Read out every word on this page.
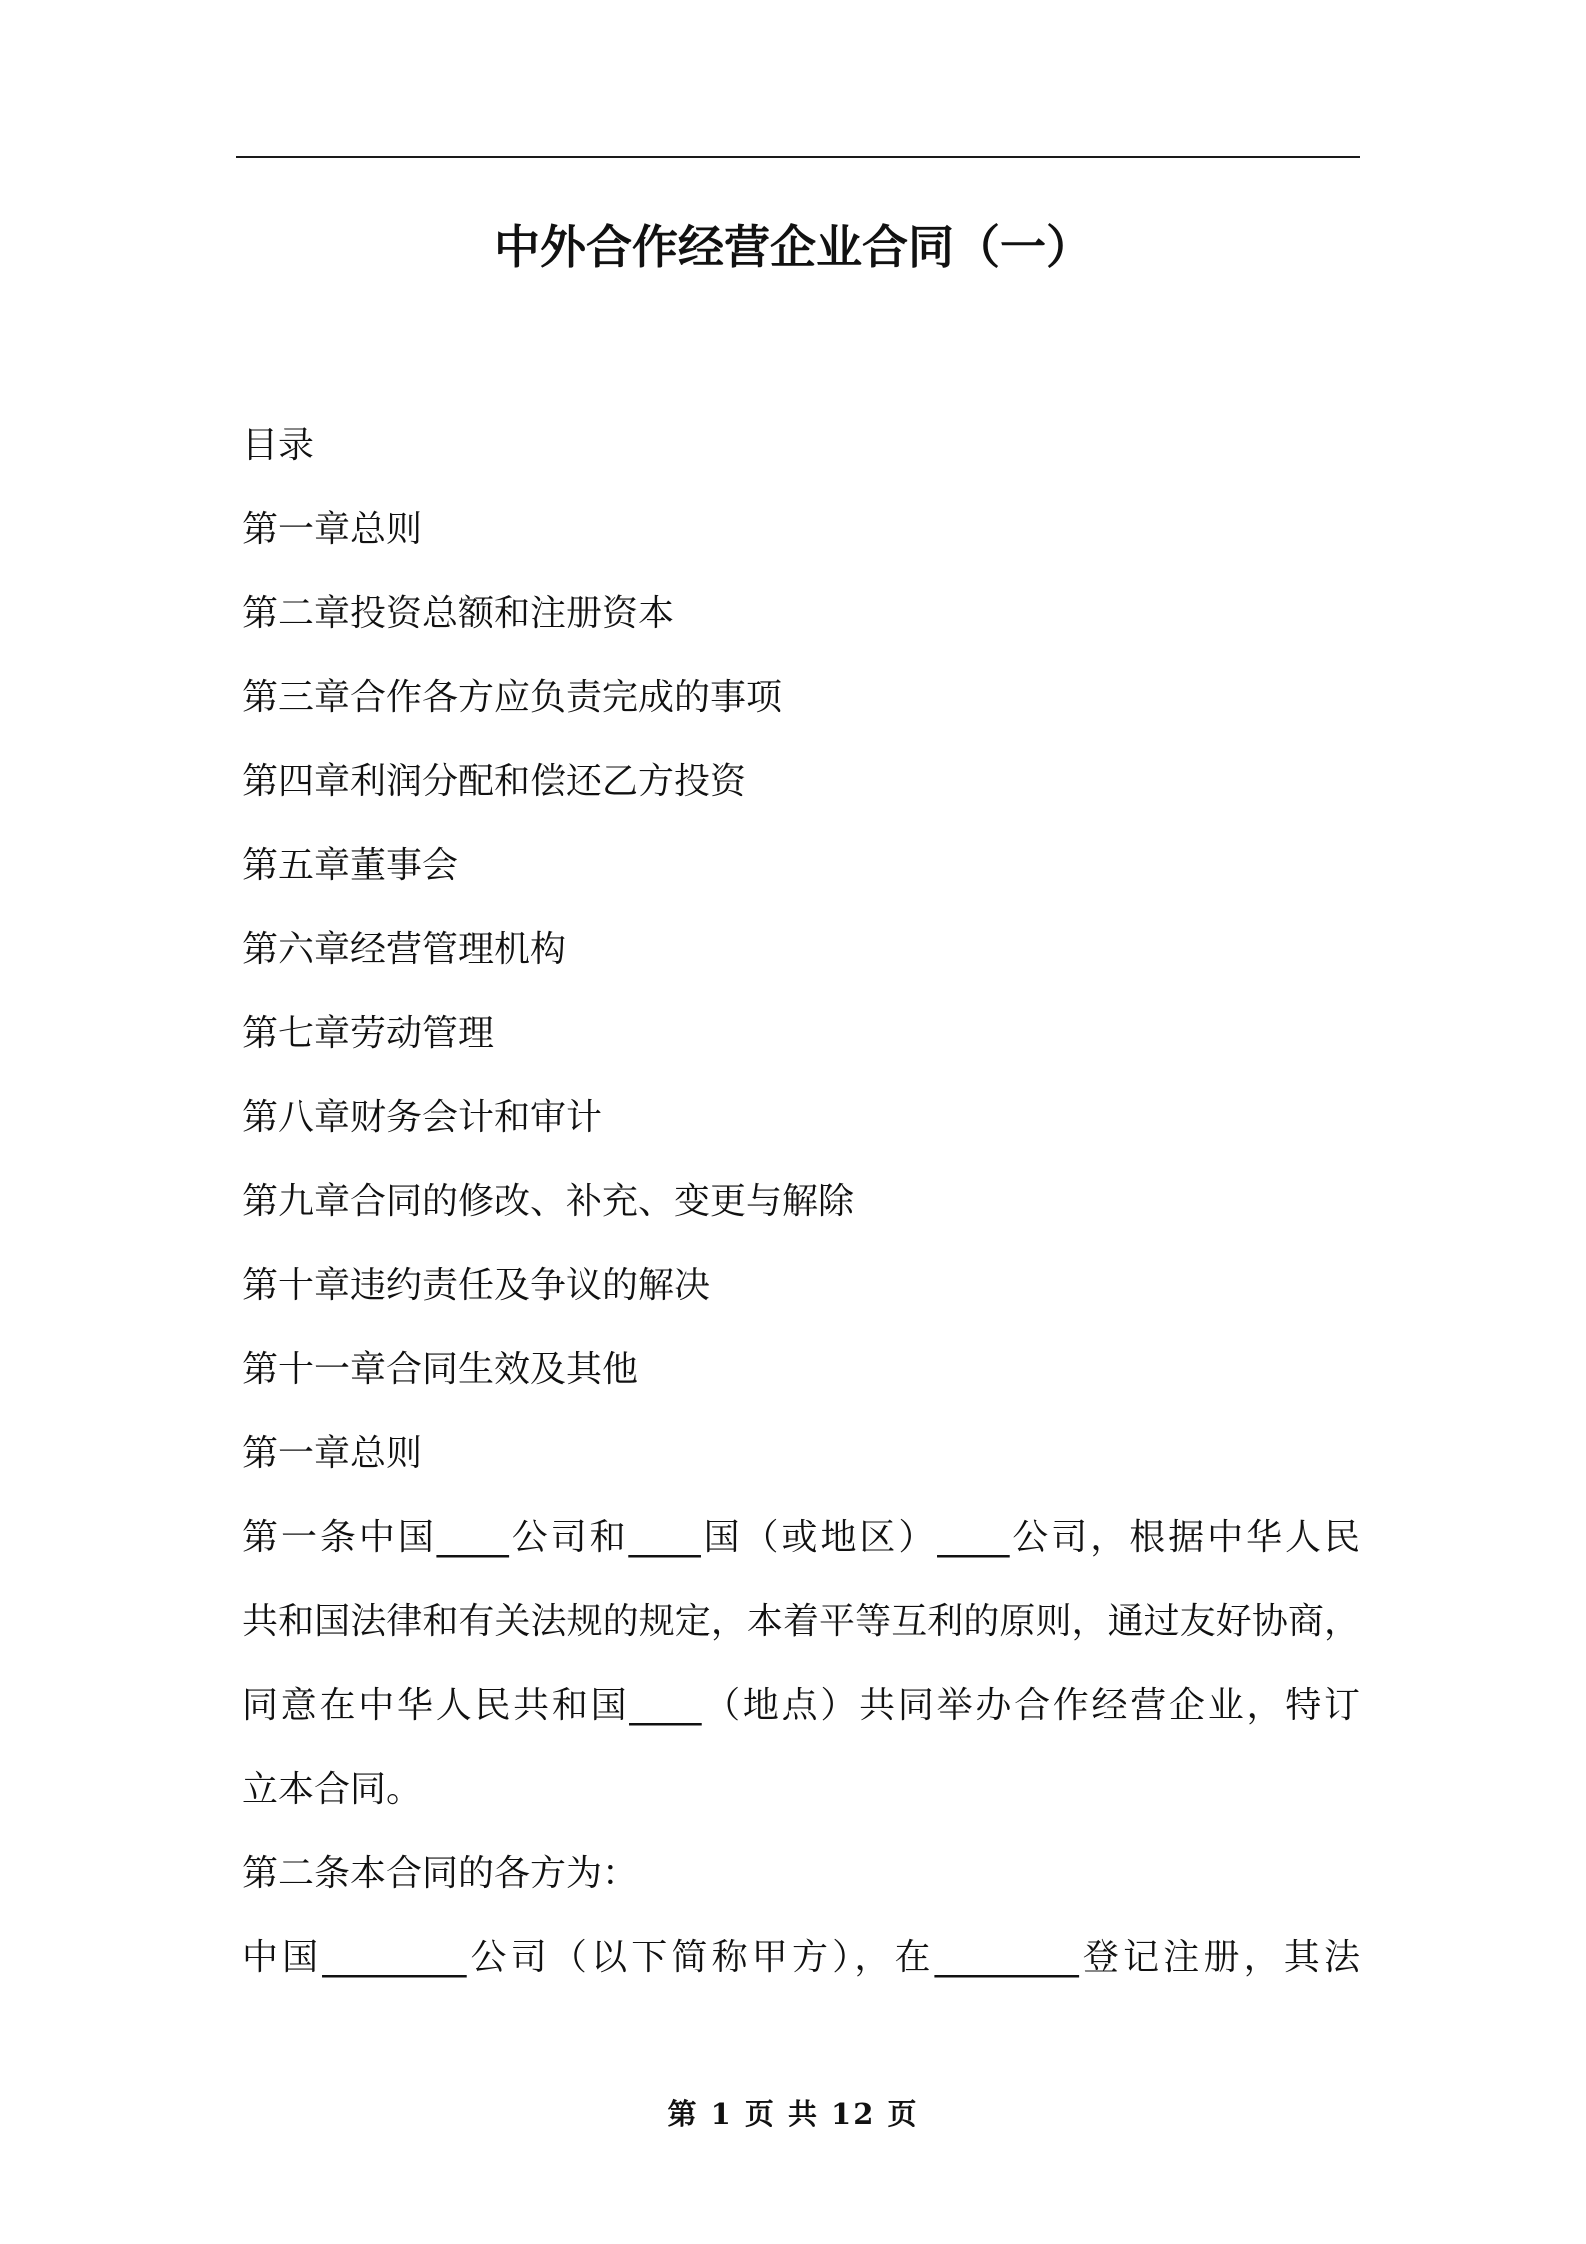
中外合作经营企业合同（一）
目录
第一章总则
第二章投资总额和注册资本
第三章合作各方应负责完成的事项
第四章利润分配和偿还乙方投资
第五章董事会
第六章经营管理机构
第七章劳动管理
第八章财务会计和审计
第九章合同的修改、补充、变更与解除
第十章违约责任及争议的解决
第十一章合同生效及其他
第一章总则
第一条中国____公司和____国（或地区）____公司，根据中华人民
共和国法律和有关法规的规定，本着平等互利的原则，通过友好协商，
同意在中华人民共和国____（地点）共同举办合作经营企业，特订
立本合同。
第二条本合同的各方为：
中国________公司（以下简称甲方），在________登记注册，其法
第 1 页 共 12 页
